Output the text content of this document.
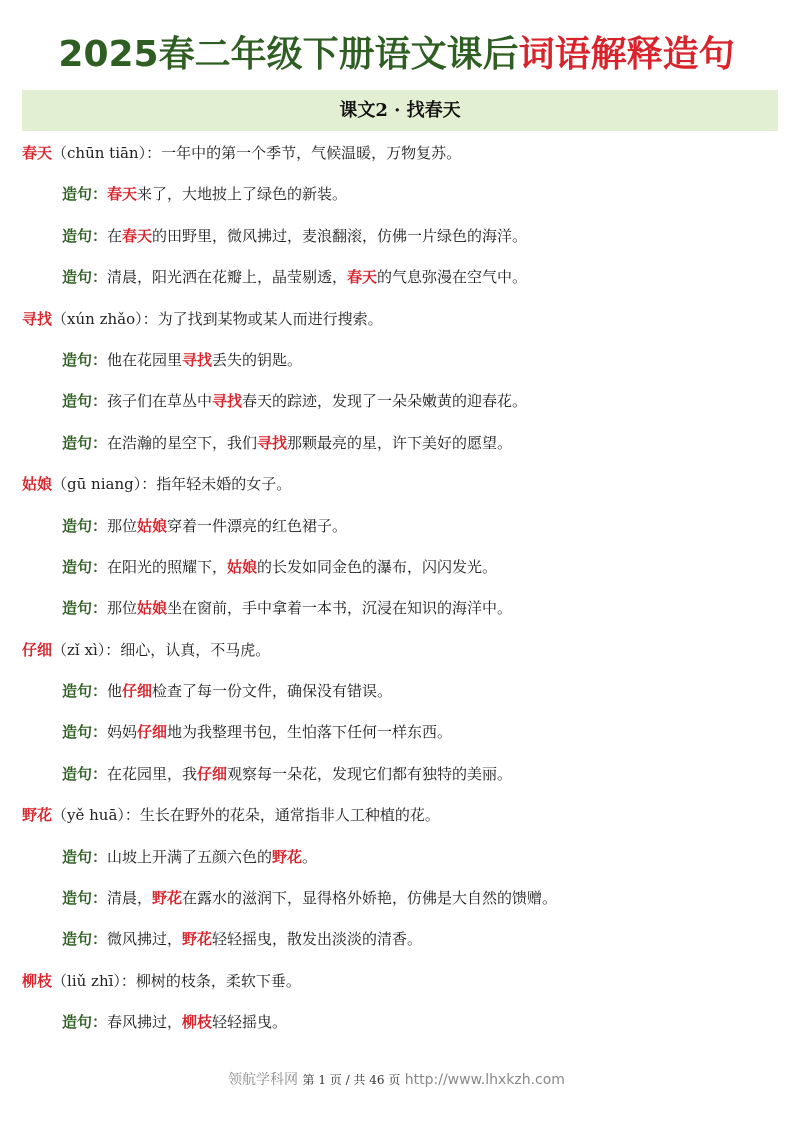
2025春二年级下册语文课后词语解释造句
课文2 · 找春天
春天（chūn tiān）：一年中的第一个季节，气候温暖，万物复苏。
造句：春天来了，大地披上了绿色的新装。
造句：在春天的田野里，微风拂过，麦浪翻滚，仿佛一片绿色的海洋。
造句：清晨，阳光洒在花瓣上，晶莹剔透，春天的气息弥漫在空气中。
寻找（xún zhǎo）：为了找到某物或某人而进行搜索。
造句：他在花园里寻找丢失的钥匙。
造句：孩子们在草丛中寻找春天的踪迹，发现了一朵朵嫩黄的迎春花。
造句：在浩瀚的星空下，我们寻找那颗最亮的星，许下美好的愿望。
姑娘（gū niang）：指年轻未婚的女子。
造句：那位姑娘穿着一件漂亮的红色裙子。
造句：在阳光的照耀下，姑娘的长发如同金色的瀑布，闪闪发光。
造句：那位姑娘坐在窗前，手中拿着一本书，沉浸在知识的海洋中。
仔细（zǐ xì）：细心，认真，不马虎。
造句：他仔细检查了每一份文件，确保没有错误。
造句：妈妈仔细地为我整理书包，生怕落下任何一样东西。
造句：在花园里，我仔细观察每一朵花，发现它们都有独特的美丽。
野花（yě huā）：生长在野外的花朵，通常指非人工种植的花。
造句：山坡上开满了五颜六色的野花。
造句：清晨，野花在露水的滋润下，显得格外娇艳，仿佛是大自然的馈赠。
造句：微风拂过，野花轻轻摇曳，散发出淡淡的清香。
柳枝（liǔ zhī）：柳树的枝条，柔软下垂。
造句：春风拂过，柳枝轻轻摇曳。
领航学科网 第 1 页 / 共 46 页 http://www.lhxkzh.com
